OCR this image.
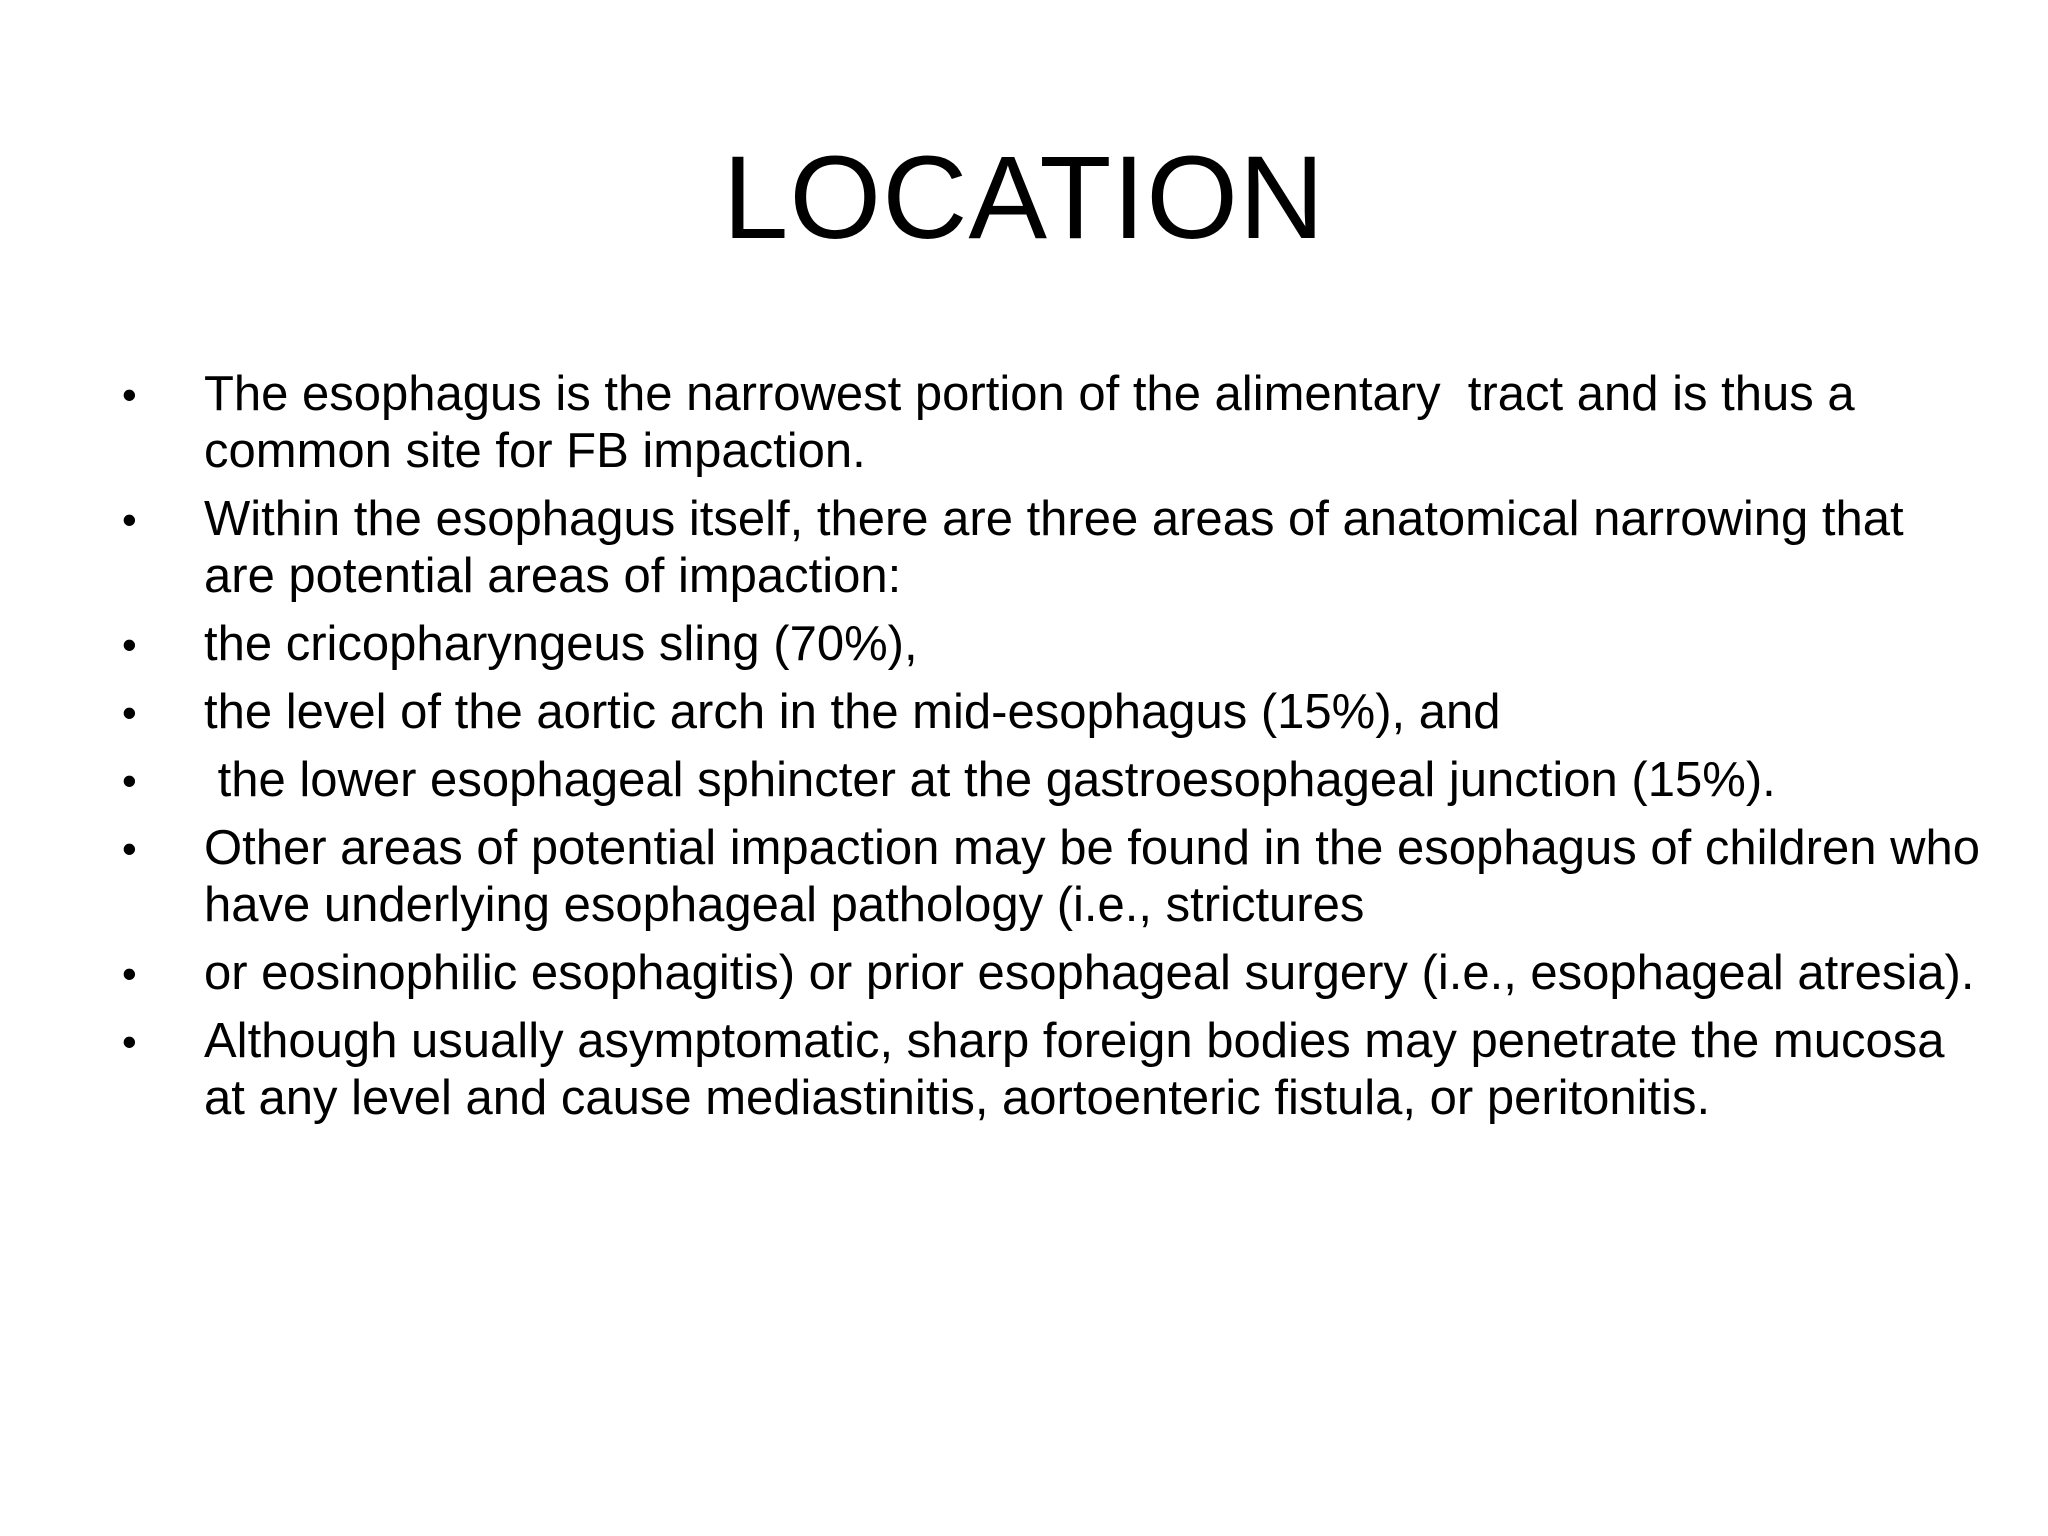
LOCATION
•	The esophagus is the narrowest portion of the alimentary  tract and is thus a common site for FB impaction.
•	Within the esophagus itself, there are three areas of anatomical narrowing that are potential areas of impaction:
•	the cricopharyngeus sling (70%),
•	the level of the aortic arch in the mid-esophagus (15%), and
•	the lower esophageal sphincter at the gastroesophageal junction (15%).
•	Other areas of potential impaction may be found in the esophagus of children who have underlying esophageal pathology (i.e., strictures
•	or eosinophilic esophagitis) or prior esophageal surgery (i.e., esophageal atresia).
•	Although usually asymptomatic, sharp foreign bodies may penetrate the mucosa at any level and cause mediastinitis, aortoenteric fistula, or peritonitis.
